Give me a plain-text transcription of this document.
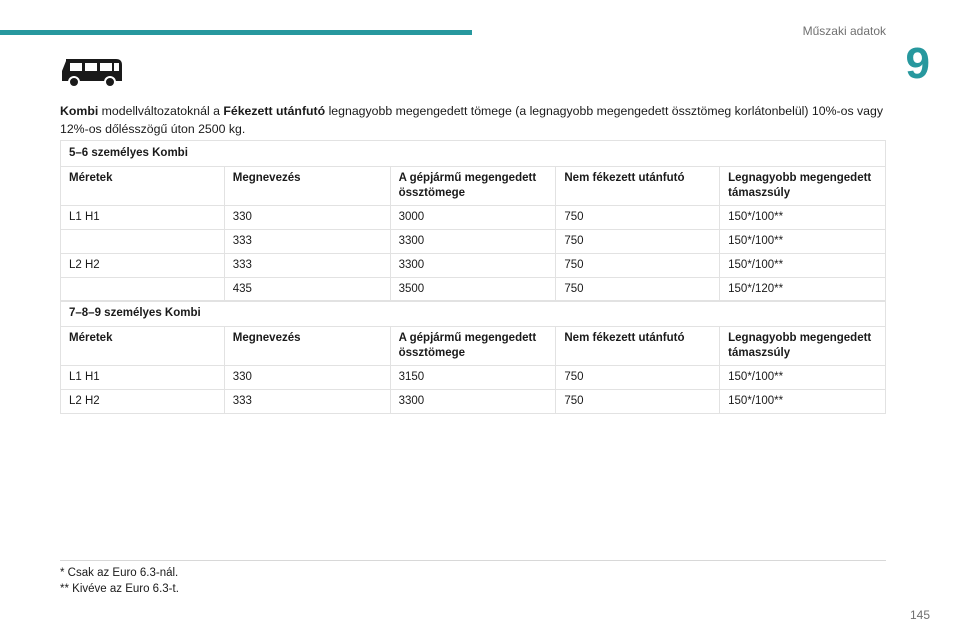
Műszaki adatok
9

Kombi modellváltozatoknál a Fékezett utánfutó legnagyobb megengedett tömege (a legnagyobb megengedett össztömeg korlátonbelül) 10%-os vagy 12%-os dőlésszögű úton 2500 kg.

5–6 személyes Kombi				
Méretek	Megnevezés	A gépjármű megengedett össztömege	Nem fékezett utánfutó	Legnagyobb megengedett támaszsúly
L1 H1	330	3000	750	150*/100**
	333	3300	750	150*/100**
L2 H2	333	3300	750	150*/100**
	435	3500	750	150*/120**
7–8–9 személyes Kombi				
Méretek	Megnevezés	A gépjármű megengedett össztömege	Nem fékezett utánfutó	Legnagyobb megengedett támaszsúly
L1 H1	330	3150	750	150*/100**
L2 H2	333	3300	750	150*/100**
* Csak az Euro 6.3-nál.
** Kivéve az Euro 6.3-t.
145
